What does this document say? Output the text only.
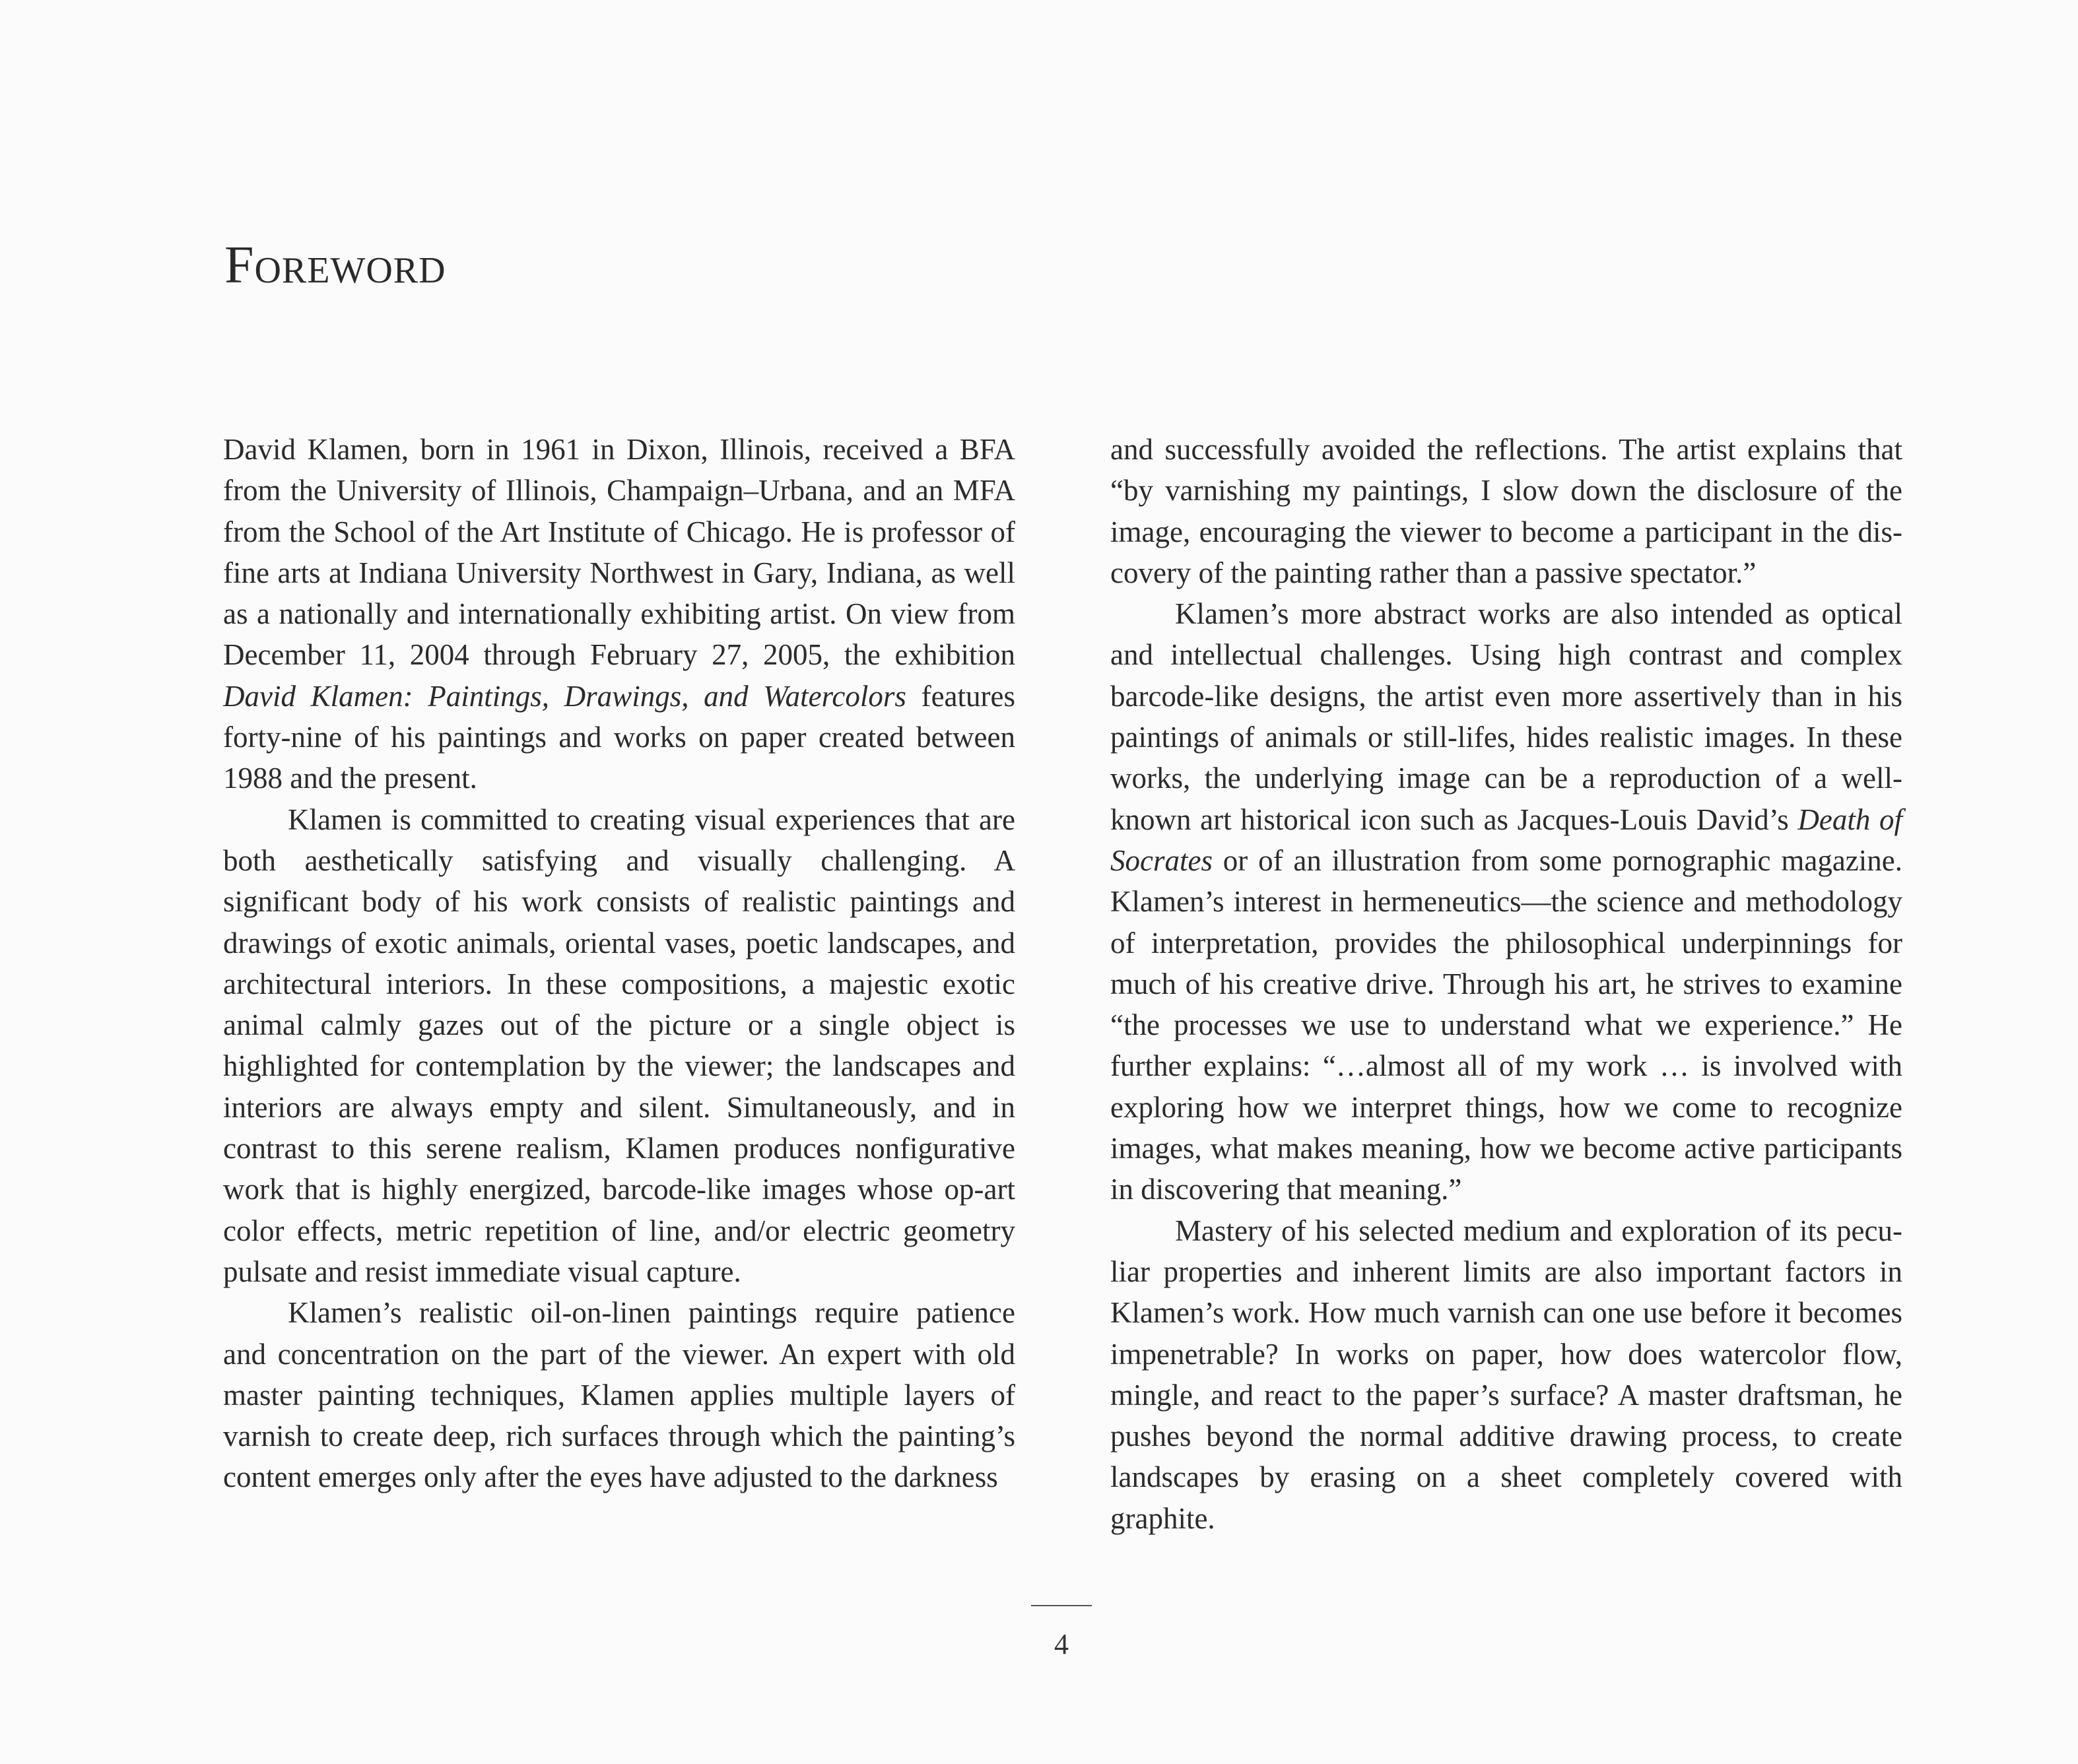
Foreword

David Klamen, born in 1961 in Dixon, Illinois, received a BFA from the University of Illinois, Champaign–Urbana, and an MFA from the School of the Art Institute of Chicago. He is professor of fine arts at Indiana University Northwest in Gary, Indiana, as well as a nationally and internationally exhibiting artist. On view from December 11, 2004 through February 27, 2005, the exhibition David Klamen: Paintings, Drawings, and Watercolors features forty-nine of his paintings and works on paper created between 1988 and the present.

Klamen is committed to creating visual experiences that are both aesthetically satisfying and visually challenging. A significant body of his work consists of realistic paintings and drawings of exotic animals, oriental vases, poetic landscapes, and architectural interiors. In these compositions, a majestic exotic animal calmly gazes out of the picture or a single object is highlighted for contemplation by the viewer; the landscapes and interiors are always empty and silent. Simultaneously, and in contrast to this serene realism, Klamen produces nonfigurative work that is highly energized, barcode-like images whose op-art color effects, metric repetition of line, and/or electric geometry pulsate and resist immediate visual capture.

Klamen’s realistic oil-on-linen paintings require patience and concentration on the part of the viewer. An expert with old master painting techniques, Klamen applies multiple layers of varnish to create deep, rich surfaces through which the painting’s content emerges only after the eyes have adjusted to the darkness

and successfully avoided the reflections. The artist explains that “by varnishing my paintings, I slow down the disclosure of the image, encouraging the viewer to become a participant in the discovery of the painting rather than a passive spectator.”

Klamen’s more abstract works are also intended as optical and intellectual challenges. Using high contrast and complex barcode-like designs, the artist even more assertively than in his paintings of animals or still-lifes, hides realistic images. In these works, the underlying image can be a reproduction of a well-known art historical icon such as Jacques-Louis David’s Death of Socrates or of an illustration from some pornographic magazine. Klamen’s interest in hermeneutics—the science and methodology of interpretation, provides the philosophical underpinnings for much of his creative drive. Through his art, he strives to examine “the processes we use to understand what we experience.” He further explains: “…almost all of my work … is involved with exploring how we interpret things, how we come to recognize images, what makes meaning, how we become active participants in discovering that meaning.”

Mastery of his selected medium and exploration of its peculiar properties and inherent limits are also important factors in Klamen’s work. How much varnish can one use before it becomes impenetrable? In works on paper, how does watercolor flow, mingle, and react to the paper’s surface? A master draftsman, he pushes beyond the normal additive drawing process, to create landscapes by erasing on a sheet completely covered with graphite.

4
